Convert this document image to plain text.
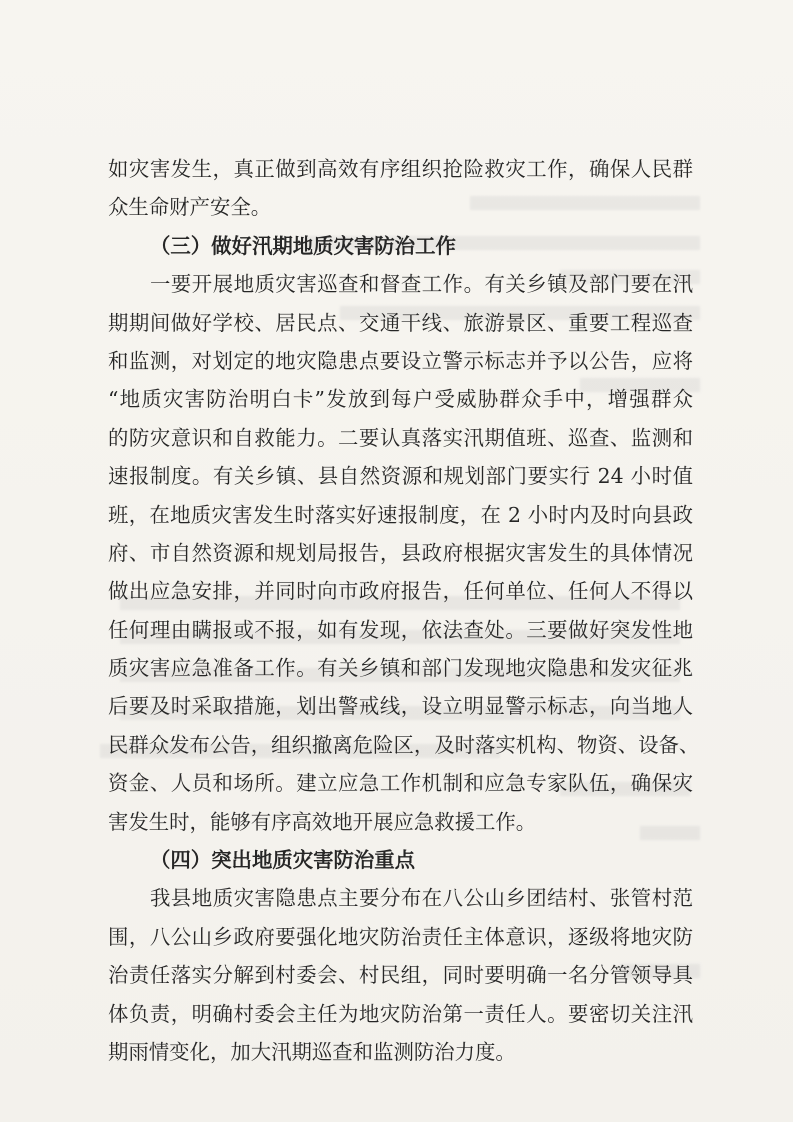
如灾害发生，真正做到高效有序组织抢险救灾工作，确保人民群
众生命财产安全。
（三）做好汛期地质灾害防治工作
一要开展地质灾害巡查和督查工作。有关乡镇及部门要在汛
期期间做好学校、居民点、交通干线、旅游景区、重要工程巡查
和监测，对划定的地灾隐患点要设立警示标志并予以公告，应将
“地质灾害防治明白卡”发放到每户受威胁群众手中，增强群众
的防灾意识和自救能力。二要认真落实汛期值班、巡查、监测和
速报制度。有关乡镇、县自然资源和规划部门要实行 24 小时值
班，在地质灾害发生时落实好速报制度，在 2 小时内及时向县政
府、市自然资源和规划局报告，县政府根据灾害发生的具体情况
做出应急安排，并同时向市政府报告，任何单位、任何人不得以
任何理由瞒报或不报，如有发现，依法查处。三要做好突发性地
质灾害应急准备工作。有关乡镇和部门发现地灾隐患和发灾征兆
后要及时采取措施，划出警戒线，设立明显警示标志，向当地人
民群众发布公告，组织撤离危险区，及时落实机构、物资、设备、
资金、人员和场所。建立应急工作机制和应急专家队伍，确保灾
害发生时，能够有序高效地开展应急救援工作。
（四）突出地质灾害防治重点
我县地质灾害隐患点主要分布在八公山乡团结村、张管村范
围，八公山乡政府要强化地灾防治责任主体意识，逐级将地灾防
治责任落实分解到村委会、村民组，同时要明确一名分管领导具
体负责，明确村委会主任为地灾防治第一责任人。要密切关注汛
期雨情变化，加大汛期巡查和监测防治力度。
